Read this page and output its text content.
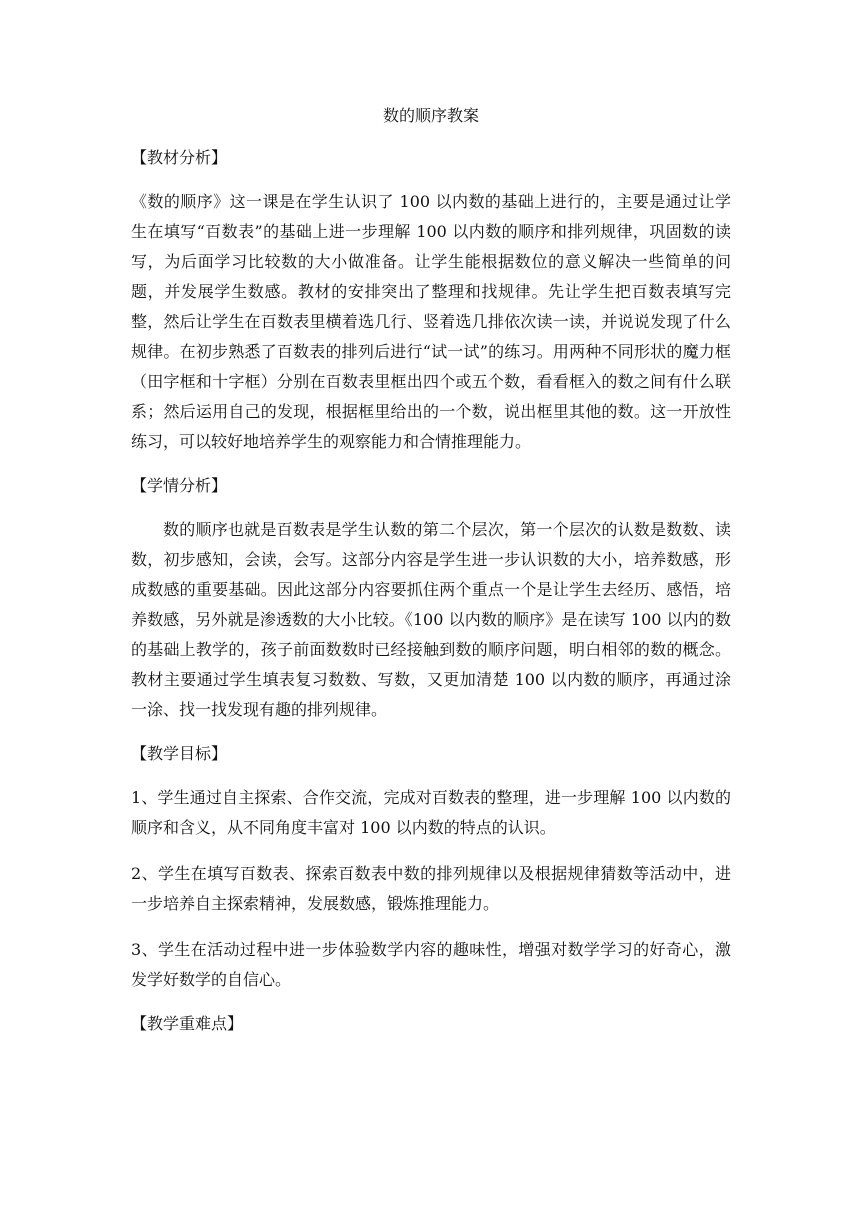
数的顺序教案
【教材分析】

《数的顺序》这一课是在学生认识了 100 以内数的基础上进行的，主要是通过让学生在填写“百数表”的基础上进一步理解 100 以内数的顺序和排列规律，巩固数的读写，为后面学习比较数的大小做准备。让学生能根据数位的意义解决一些简单的问题，并发展学生数感。教材的安排突出了整理和找规律。先让学生把百数表填写完整，然后让学生在百数表里横着选几行、竖着选几排依次读一读，并说说发现了什么规律。在初步熟悉了百数表的排列后进行“试一试”的练习。用两种不同形状的魔力框（田字框和十字框）分别在百数表里框出四个或五个数，看看框入的数之间有什么联系；然后运用自己的发现，根据框里给出的一个数，说出框里其他的数。这一开放性练习，可以较好地培养学生的观察能力和合情推理能力。

【学情分析】

数的顺序也就是百数表是学生认数的第二个层次，第一个层次的认数是数数、读数，初步感知，会读，会写。这部分内容是学生进一步认识数的大小，培养数感，形成数感的重要基础。因此这部分内容要抓住两个重点一个是让学生去经历、感悟，培养数感，另外就是渗透数的大小比较。《100 以内数的顺序》是在读写 100 以内的数的基础上教学的，孩子前面数数时已经接触到数的顺序问题，明白相邻的数的概念。教材主要通过学生填表复习数数、写数，又更加清楚 100 以内数的顺序，再通过涂一涂、找一找发现有趣的排列规律。

【教学目标】

1、学生通过自主探索、合作交流，完成对百数表的整理，进一步理解 100 以内数的顺序和含义，从不同角度丰富对 100 以内数的特点的认识。

2、学生在填写百数表、探索百数表中数的排列规律以及根据规律猜数等活动中，进一步培养自主探索精神，发展数感，锻炼推理能力。

3、学生在活动过程中进一步体验数学内容的趣味性，增强对数学学习的好奇心，激发学好数学的自信心。

【教学重难点】
